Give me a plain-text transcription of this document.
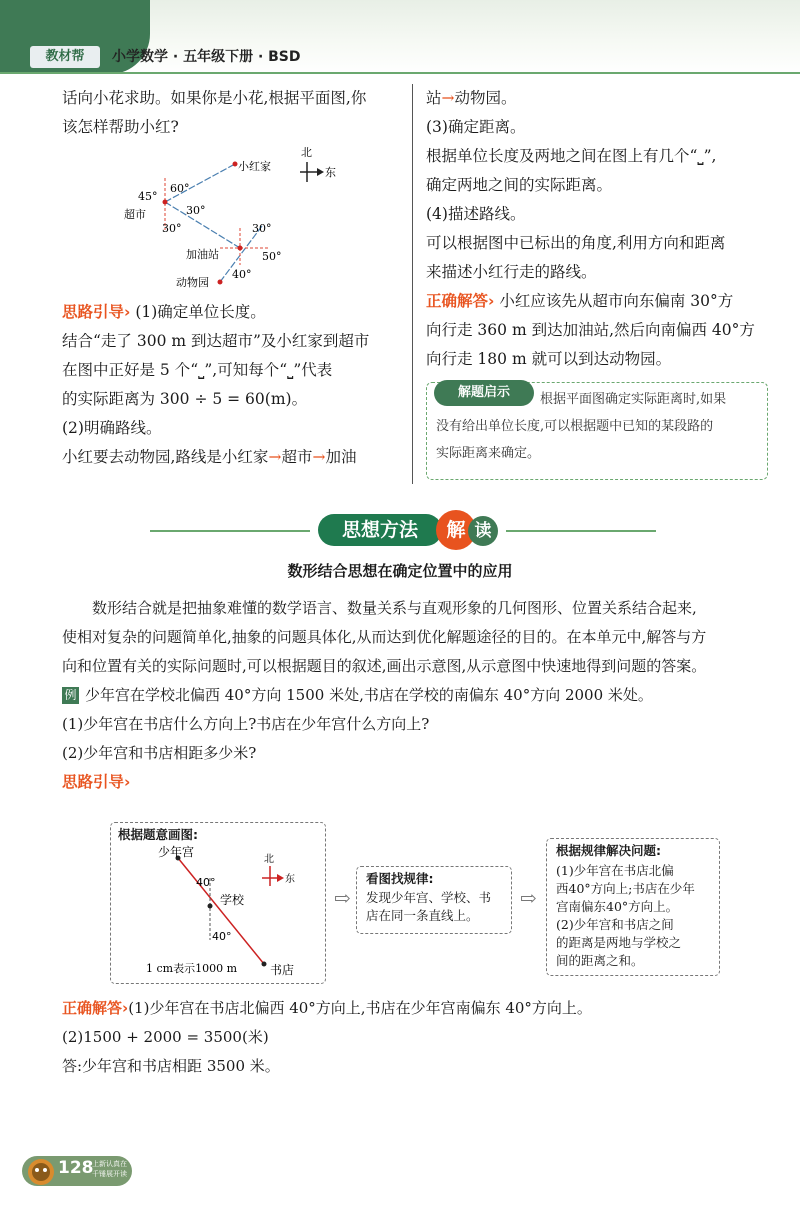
教材帮	小学数学 · 五年级下册 · BSD

话向小花求助。如果你是小花,根据平面图,你

该怎样帮助小红?

北
东
小红家
超市
加油站
动物园
60°
45°
30°
30°	30°
50°
40°

思路引导› (1)确定单位长度。

结合“走了 300 m 到达超市”及小红家到超市

在图中正好是 5 个“⎵”,可知每个“⎵”代表

的实际距离为 300 ÷ 5 = 60(m)。

(2)明确路线。

小红要去动物园,路线是小红家→超市→加油

站→动物园。

(3)确定距离。

根据单位长度及两地之间在图上有几个“⎵”,

确定两地之间的实际距离。

(4)描述路线。

可以根据图中已标出的角度,利用方向和距离

来描述小红行走的路线。

正确解答› 小红应该先从超市向东偏南 30°方

向行走 360 m 到达加油站,然后向南偏西 40°方

向行走 180 m 就可以到达动物园。

解题启示	根据平面图确定实际距离时,如果
没有给出单位长度,可以根据题中已知的某段路的
实际距离来确定。
思想方法	解 读
数形结合思想在确定位置中的应用

数形结合就是把抽象难懂的数学语言、数量关系与直观形象的几何图形、位置关系结合起来,

使相对复杂的问题简单化,抽象的问题具体化,从而达到优化解题途径的目的。在本单元中,解答与方

向和位置有关的实际问题时,可以根据题目的叙述,画出示意图,从示意图中快速地得到问题的答案。

例 少年宫在学校北偏西 40°方向 1500 米处,书店在学校的南偏东 40°方向 2000 米处。

(1)少年宫在书店什么方向上?书店在少年宫什么方向上?

(2)少年宫和书店相距多少米?

思路引导›

根据题意画图:
少年宫
北
东
40°
学校
40°
1 cm表示1000 m	书店
⇨
看图找规律:
发现少年宫、学校、书
店在同一条直线上。
⇨
根据规律解决问题:
(1)少年宫在书店北偏
西40°方向上;书店在少年
宫南偏东40°方向上。
(2)少年宫和书店之间
的距离是两地与学校之
间的距离之和。

正确解答›(1)少年宫在书店北偏西 40°方向上,书店在少年宫南偏东 40°方向上。

(2)1500 + 2000 = 3500(米)

答:少年宫和书店相距 3500 米。

128
上新认真在
千锤展开读
